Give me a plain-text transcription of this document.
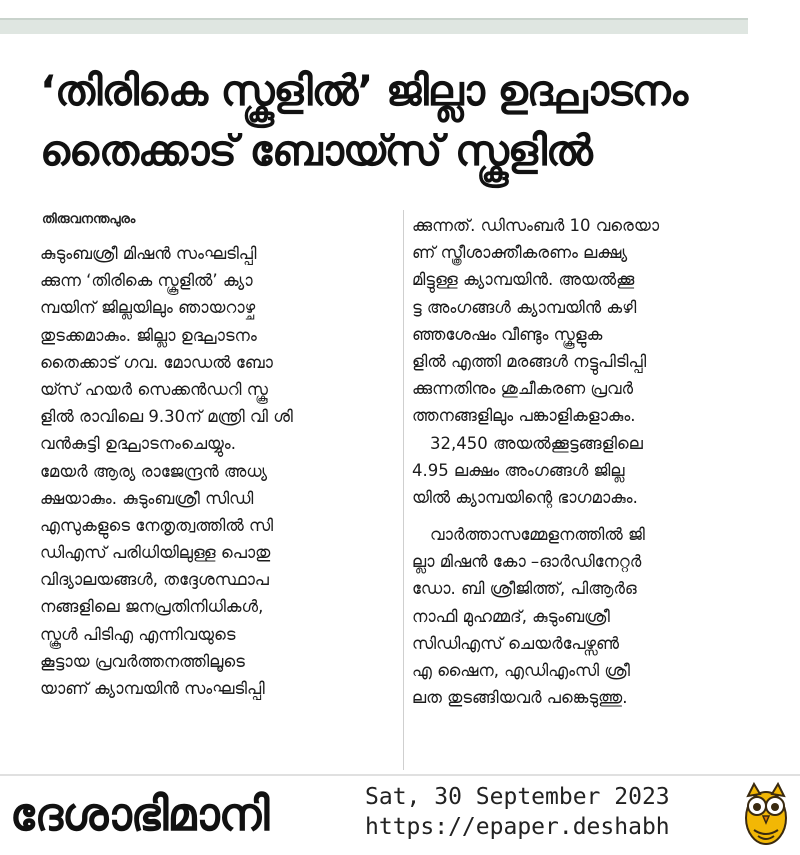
‘തിരികെ സ്കൂളിൽ’ ജില്ലാ ഉദ്ഘാടനം
തൈക്കാട് ബോയ്സ് സ്കൂളിൽ
തിരുവനന്തപുരം
കുടുംബശ്രീ മിഷൻ സംഘടിപ്പി
ക്കുന്ന ‘തിരികെ സ്കൂളിൽ’ ക്യാ
മ്പയിന് ജില്ലയിലും ഞായറാഴ്ച
തുടക്കമാകും. ജില്ലാ ഉദ്ഘാടനം
തൈക്കാട് ഗവ. മോഡൽ ബോ
യ്സ് ഹയർ സെക്കൻഡറി സ്കൂ
ളിൽ രാവിലെ 9.30ന് മന്ത്രി വി ശി
വൻകുട്ടി ഉദ്ഘാടനംചെയ്യും.
മേയർ ആര്യ രാജേന്ദ്രൻ അധ്യ
ക്ഷയാകും. കുടുംബശ്രീ സിഡി
എസുകളുടെ നേതൃത്വത്തിൽ സി
ഡിഎസ് പരിധിയിലുള്ള പൊതു
വിദ്യാലയങ്ങൾ, തദ്ദേശസ്ഥാപ
നങ്ങളിലെ ജനപ്രതിനിധികൾ,
സ്കൂൾ പിടിഎ എന്നിവയുടെ
കൂട്ടായ പ്രവർത്തനത്തിലൂടെ
യാണ് ക്യാമ്പയിൻ സംഘടിപ്പി
ക്കുന്നത്. ഡിസംബർ 10 വരെയാ
ണ് സ്ത്രീശാക്തീകരണം ലക്ഷ്യ
മിട്ടുള്ള ക്യാമ്പയിൻ. അയൽക്കൂ
ട്ട അംഗങ്ങൾ ക്യാമ്പയിൻ കഴി
ഞ്ഞശേഷം വീണ്ടും സ്കൂളുക
ളിൽ എത്തി മരങ്ങൾ നട്ടുപിടിപ്പി
ക്കുന്നതിനും ശുചീകരണ പ്രവർ
ത്തനങ്ങളിലും പങ്കാളികളാകും.
32,450 അയൽക്കൂട്ടങ്ങളിലെ
4.95 ലക്ഷം അംഗങ്ങൾ ജില്ല
യിൽ ക്യാമ്പയിന്റെ ഭാഗമാകും.
വാർത്താസമ്മേളനത്തിൽ ജി
ല്ലാ മിഷൻ കോ –ഓർഡിനേറ്റർ
ഡോ. ബി ശ്രീജിത്ത്, പിആർഒ
നാഫി മുഹമ്മദ്, കുടുംബശ്രീ
സിഡിഎസ് ചെയർപേഴ്സൺ
എ ഷൈന, എഡിഎംസി ശ്രീ
ലത തുടങ്ങിയവർ പങ്കെടുത്തു.
ദേശാഭിമാനി	Sat, 30 September 2023
https://epaper.deshabh
